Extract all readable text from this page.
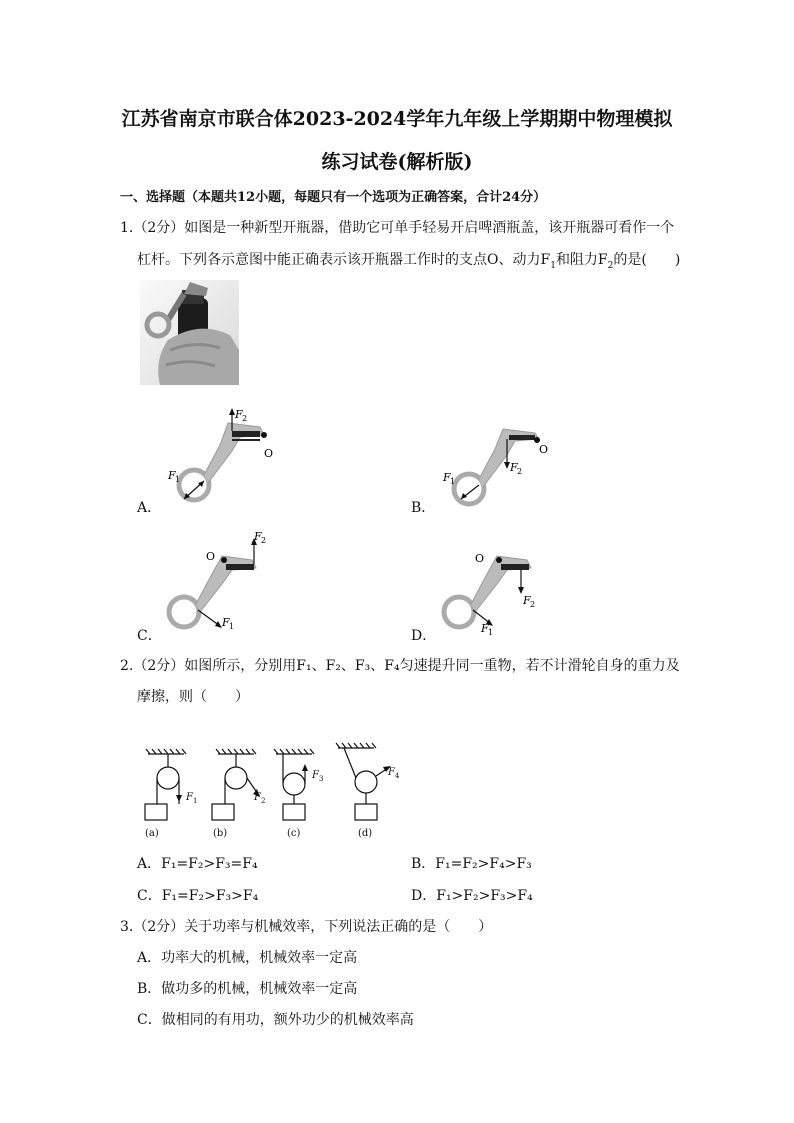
江苏省南京市联合体2023-2024学年九年级上学期期中物理模拟
练习试卷(解析版)
一、选择题（本题共12小题，每题只有一个选项为正确答案，合计24分）
1.（2分）如图是一种新型开瓶器，借助它可单手轻易开启啤酒瓶盖，该开瓶器可看作一个
杠杆。下列各示意图中能正确表示该开瓶器工作时的支点O、动力$F_1$和阻力$F_2$的是(　　)
A．	B．
C．	D．
O
F 2
F 1
O
F 2
F 1
O
F 2
F 1
O
F 2
F 1
2.（2分）如图所示，分别用F₁、F₂、F₃、F₄匀速提升同一重物，若不计滑轮自身的重力及
摩擦，则（　　）
$F_1$	$F_2$
$F_3$
$F_4$
(a)	(b)	(c)	(d)
A．F₁=F₂>F₃=F₄	B．F₁=F₂>F₄>F₃
C．F₁=F₂>F₃>F₄	D．F₁>F₂>F₃>F₄
3.（2分）关于功率与机械效率，下列说法正确的是（　　）
A．功率大的机械，机械效率一定高
B．做功多的机械，机械效率一定高
C．做相同的有用功，额外功少的机械效率高
